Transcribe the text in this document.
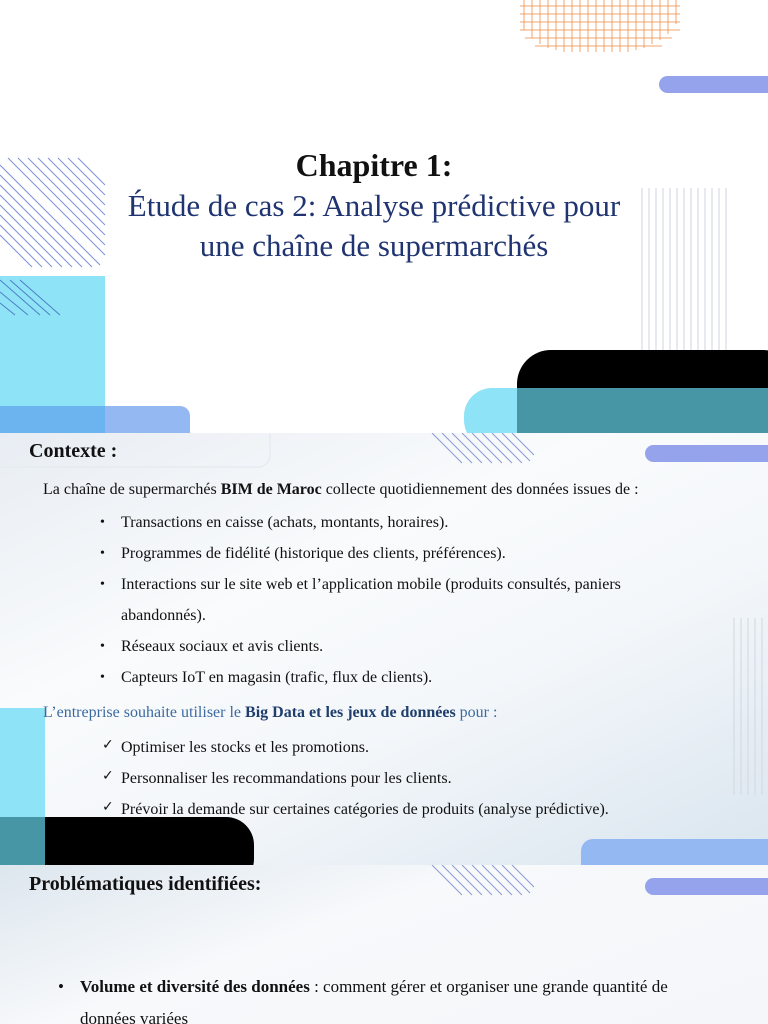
Chapitre 1:
Étude de cas 2: Analyse prédictive pour
une chaîne de supermarchés
Contexte :
La chaîne de supermarchés BIM de Maroc collecte quotidiennement des données issues de :
• Transactions en caisse (achats, montants, horaires).
• Programmes de fidélité (historique des clients, préférences).
• Interactions sur le site web et l’application mobile (produits consultés, paniers
abandonnés).
• Réseaux sociaux et avis clients.
• Capteurs IoT en magasin (trafic, flux de clients).
L’entreprise souhaite utiliser le Big Data et les jeux de données pour :
✓ Optimiser les stocks et les promotions.
✓ Personnaliser les recommandations pour les clients.
✓ Prévoir la demande sur certaines catégories de produits (analyse prédictive).
Problématiques identifiées:
• Volume et diversité des données : comment gérer et organiser une grande quantité de
données variées
